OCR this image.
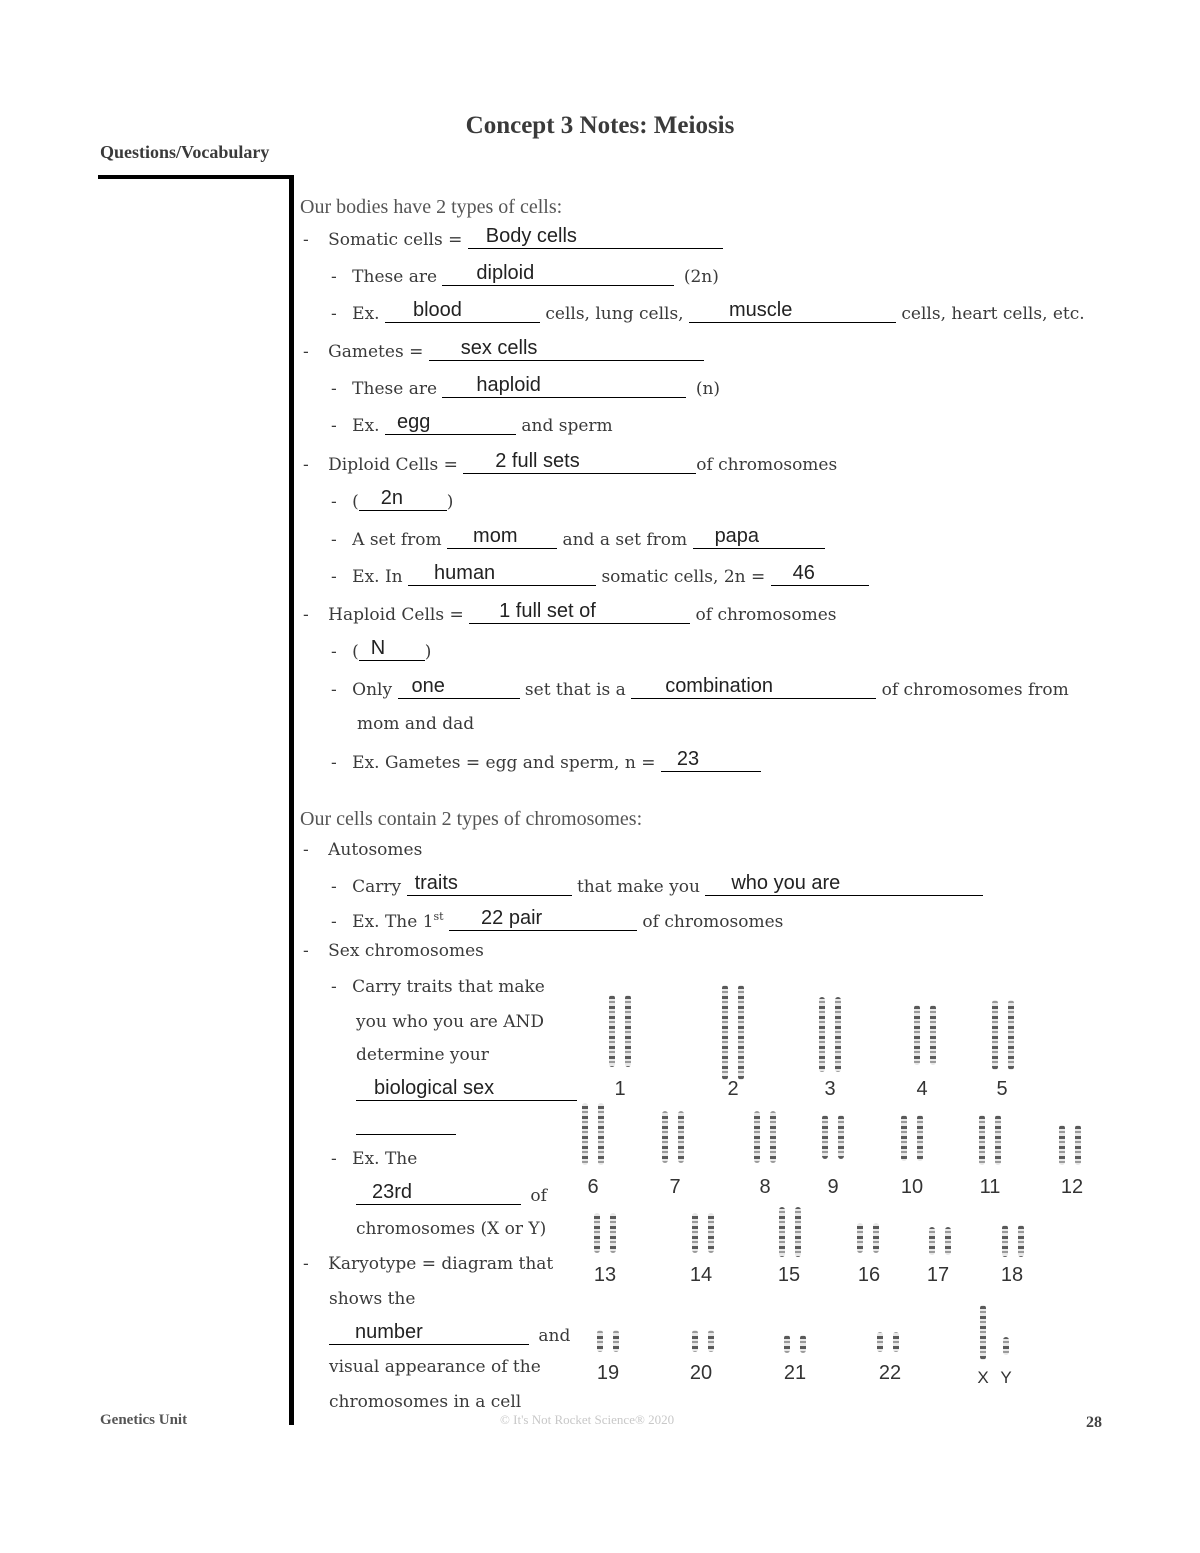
Concept 3 Notes: Meiosis
Questions/Vocabulary
Our bodies have 2 types of cells:
- Somatic cells = Body cells
- These are diploid	(2n)
- Ex. blood	cells, lung cells, muscle	cells, heart cells, etc.
- Gametes = sex cells
- These are haploid	(n)
- Ex. egg	and sperm
- Diploid Cells = 2 full sets	of chromosomes
- ( 2n	)
- A set from mom	and a set from papa
- Ex. In human	somatic cells, 2n = 46
- Haploid Cells = 1 full set of	of chromosomes
- ( N	)
- Only one	set that is a combination	of chromosomes from
mom and dad
- Ex. Gametes = egg and sperm, n = 23
Our cells contain 2 types of chromosomes:
- Autosomes
- Carry traits	that make you who you are
- Ex. The 1st 22 pair	of chromosomes
- Sex chromosomes
- Carry traits that make
you who you are AND
determine your
biological sex
- Ex. The
23rd	of
chromosomes (X or Y)
- Karyotype = diagram that
shows the
number	and
visual appearance of the
chromosomes in a cell
1	2	3	4	5
6	7	8	9	10	11	12
13	14	15	16 17	18
19	20	21	22	X Y
Genetics Unit	© It's Not Rocket Science® 2020	28
